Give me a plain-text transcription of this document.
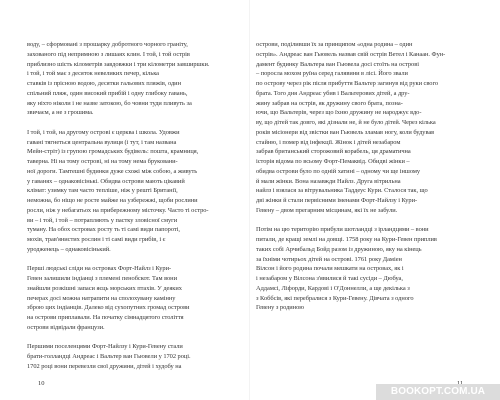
воду, – сформовані з прошарку добротного чорного граніту,
захованого під непримною з лишаях клин. І той, і той острів
приблизно шість кілометрів завдовжки і три кілометри завширшки.
і той, і той має з десяток невеликих печер, кілька
ставків із прісною водою, десятки гальових пляжів, один
спільний пляж, один високий прибій і одну глибоку гавань,
яку ніхто ніколи і не назве затокою, бо човни туди пливуть за
звичаєм, а не з грошима.

І той, і той, на другому острові є церква і школа. Удовжи
гавані тягнеться центральна вулиця (і тут, і там названа
Мейн-стріт) із групою громадських будівель: пошта, крамниця,
таверна. Ні на тому острові, ні на тому нема бруковани-
ної дороги. Тамтешні будинки дуже схожі між собою, а живуть
у гаванях – однаковісінькі. Обидва острови мають цікавий
клімат: узимку там часто тепліше, ніж у решті Британії,
неможна, бо ніщо не росте майже на узбережжі, щоби рослини
росли, ніж у небагатьох на прибережному місточку. Часто ті остро-
ви – і той, і той – потрапляють у пастку зловісної смуги
туману. На обох островах росту ть ті самі види папороті,
мохів, трав'янистих рослин і ті самі види грибів, і є
уродженець – однаковісінький.

Перші людські сліди на островах Форт-Найлз і Кури-
Гевен залишили індіанці з племені пенобскот. Там вони
знайшли розкішні запаси яєць морських птахів. У деяких
печерах досі можна натрапити на сполохувану камінну
зброю цих індіанців. Далеко від сухопутних громад острови
на острови приплавали. На початку сімнадцятого століття
острови відвідали французи.

Першими поселенцями Форт-Найлзу і Кури-Гевену стали
брати-голландці Андреас і Вальтер ван Гьювели у 1702 році.
1702 році вони перевезли свої дружини, дітей і худобу на
10
острови, поділивши їх за принципом «одна родина – один
острів». Андреас ван Гьювель назвав свій острів Ветел і Канаан. Фун-
дамент будинку Вальтера ван Гьювела досі стоїть на острові
– поросла мохом руїна серед галявини в лісі. Його звали
по острову через рік після прибуття Вальтер загинув від руки свого
брата. Того дня Андреас убив і Вальтерових дітей, а дру-
жину забрав на острів, як дружину свого брата, позна-
ючи, що Вальтерів, через що їхню дружину не народжує вдо-
ву, що дітей так довго, які дізнали не, й не було дітей. Через кілька
років місіонери від звістки ван Гьювель зламав ногу, коли будував
стайню, і помер від інфекції. Жінок і дітей незабаром
забрав британський сторожовий корабель, ця драматична
історія відома по всьому Форт-Пемаквід. Обидві жінки –
обидва острови було по одній хатині – одному чи ще іншому
й мали жінки. Вона назавжди Найлз. Друга вітрильна
найлз і взялася за вітрувальника Таддеус Кури. Сталося так, що
дві жінки й стали первісними іменами Форт-Найлзу і Кури-
Гевену – двом прегарним місцинам, які їх не забули.

Потім на цю територію прибули шотландці з ірландцями – вони
питали, де кращі землі на довщі. 1758 року на Кури-Гевен приплив
таких собі Арчибальд Бойд разом із дружиною, яку на кінець
за їхніми чотирьох дітей на острові. 1761 року Даміен
Вілсон і його родина почали мешкати на островах, як і
і незабаром у Вілсона з'явилися й такі сусіди – Дюбуа,
Аддамсі, Ліфорди, Кардові і О'Доннелли, а ще декілька з
з Коббсів, які перебралися з Кури-Гевену. Дівчата з одного
Гевену з родиною
BOOKOPT.COM.UA
